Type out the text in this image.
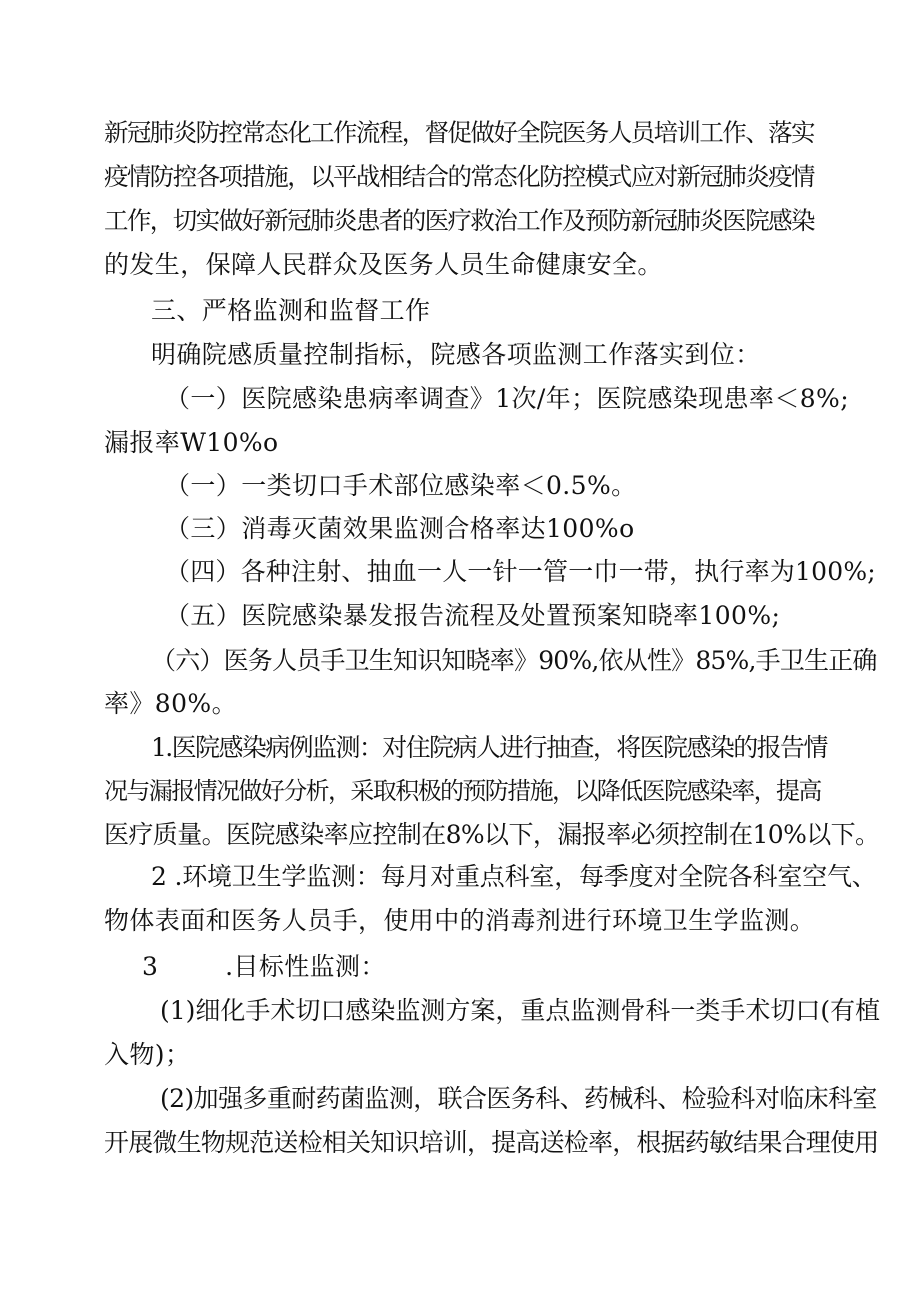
新冠肺炎防控常态化工作流程，督促做好全院医务人员培训工作、落实
疫情防控各项措施，以平战相结合的常态化防控模式应对新冠肺炎疫情
工作，切实做好新冠肺炎患者的医疗救治工作及预防新冠肺炎医院感染
的发生，保障人民群众及医务人员生命健康安全。
三、严格监测和监督工作
明确院感质量控制指标，院感各项监测工作落实到位：
（一）医院感染患病率调查》1次/年；医院感染现患率＜8%;
漏报率W10%o
（一）一类切口手术部位感染率＜0.5%。
（三）消毒灭菌效果监测合格率达100%o
（四）各种注射、抽血一人一针一管一巾一带，执行率为100%;
（五）医院感染暴发报告流程及处置预案知晓率100%;
（六）医务人员手卫生知识知晓率》90%,依从性》85%,手卫生正确
率》80%。
1.医院感染病例监测：对住院病人进行抽查，将医院感染的报告情
况与漏报情况做好分析，采取积极的预防措施，以降低医院感染率，提高
医疗质量。医院感染率应控制在8%以下，漏报率必须控制在10%以下。
2 .环境卫生学监测：每月对重点科室，每季度对全院各科室空气、
物体表面和医务人员手，使用中的消毒剂进行环境卫生学监测。
3        .目标性监测：
(1)细化手术切口感染监测方案，重点监测骨科一类手术切口(有植
入物)；
(2)加强多重耐药菌监测，联合医务科、药械科、检验科对临床科室
开展微生物规范送检相关知识培训，提高送检率，根据药敏结果合理使用
